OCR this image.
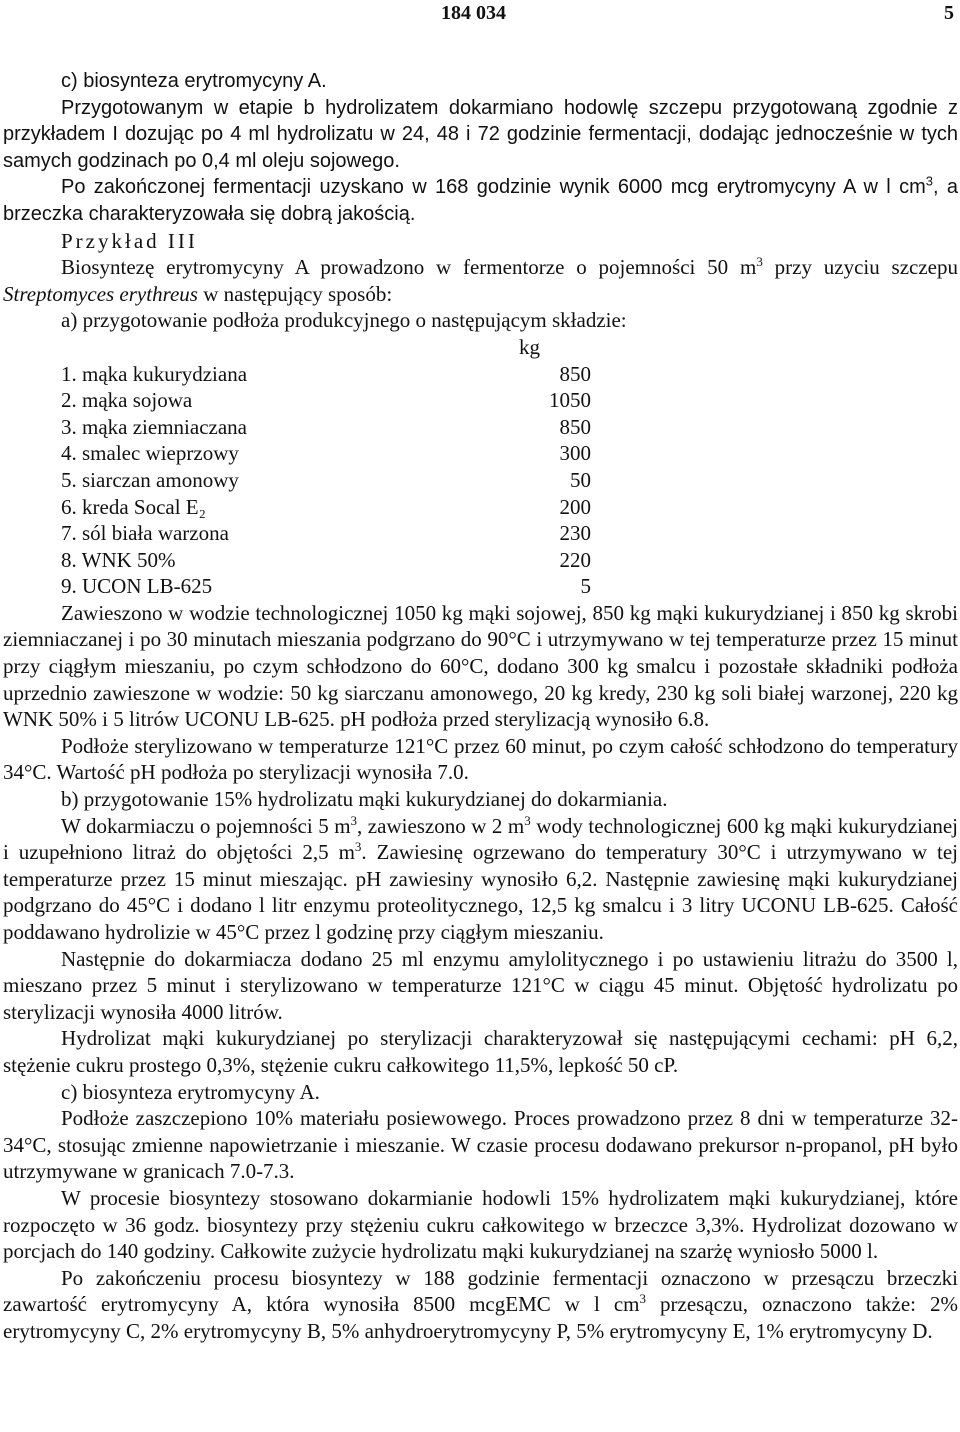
184 034	5

c) biosynteza erytromycyny A.

Przygotowanym w etapie b hydrolizatem dokarmiano hodowlę szczepu przygotowaną zgodnie z przykładem I dozując po 4 ml hydrolizatu w 24, 48 i 72 godzinie fermentacji, dodając jednocześnie w tych samych godzinach po 0,4 ml oleju sojowego.

Po zakończonej fermentacji uzyskano w 168 godzinie wynik 6000 mcg erytromycyny A w l $cm^3$, a brzeczka charakteryzowała się dobrą jakością.

Przykład III

Biosyntezę erytromycyny A prowadzono w fermentorze o pojemności 50 $m^3$ przy uzyciu szczepu Streptomyces erythreus w następujący sposób:

a) przygotowanie podłoża produkcyjnego o następującym składzie:

kg
1. mąka kukurydziana	850
2. mąka sojowa	1050
3. mąka ziemniaczana	850
4. smalec wieprzowy	300
5. siarczan amonowy	50
6. kreda Socal E₂	200
7. sól biała warzona	230
8. WNK 50%	220
9. UCON LB-625	5

Zawieszono w wodzie technologicznej 1050 kg mąki sojowej, 850 kg mąki kukurydzianej i 850 kg skrobi ziemniaczanej i po 30 minutach mieszania podgrzano do 90°C i utrzymywano w tej temperaturze przez 15 minut przy ciągłym mieszaniu, po czym schłodzono do 60°C, dodano 300 kg smalcu i pozostałe składniki podłoża uprzednio zawieszone w wodzie: 50 kg siarczanu amonowego, 20 kg kredy, 230 kg soli białej warzonej, 220 kg WNK 50% i 5 litrów UCONU LB-625. pH podłoża przed sterylizacją wynosiło 6.8.

Podłoże sterylizowano w temperaturze 121°C przez 60 minut, po czym całość schłodzono do temperatury 34°C. Wartość pH podłoża po sterylizacji wynosiła 7.0.

b) przygotowanie 15% hydrolizatu mąki kukurydzianej do dokarmiania.

W dokarmiaczu o pojemności 5 $m^3$, zawieszono w 2 $m^3$ wody technologicznej 600 kg mąki kukurydzianej i uzupełniono litraż do objętości 2,5 $m^3$. Zawiesinę ogrzewano do temperatury 30°C i utrzymywano w tej temperaturze przez 15 minut mieszając. pH zawiesiny wynosiło 6,2. Następnie zawiesinę mąki kukurydzianej podgrzano do 45°C i dodano l litr enzymu proteolitycznego, 12,5 kg smalcu i 3 litry UCONU LB-625. Całość poddawano hydrolizie w 45°C przez l godzinę przy ciągłym mieszaniu.

Następnie do dokarmiacza dodano 25 ml enzymu amylolitycznego i po ustawieniu litrażu do 3500 l, mieszano przez 5 minut i sterylizowano w temperaturze 121°C w ciągu 45 minut. Objętość hydrolizatu po sterylizacji wynosiła 4000 litrów.

Hydrolizat mąki kukurydzianej po sterylizacji charakteryzował się następującymi cechami: pH 6,2, stężenie cukru prostego 0,3%, stężenie cukru całkowitego 11,5%, lepkość 50 cP.

c) biosynteza erytromycyny A.

Podłoże zaszczepiono 10% materiału posiewowego. Proces prowadzono przez 8 dni w temperaturze 32-34°C, stosując zmienne napowietrzanie i mieszanie. W czasie procesu dodawano prekursor n-propanol, pH było utrzymywane w granicach 7.0-7.3.

W procesie biosyntezy stosowano dokarmianie hodowli 15% hydrolizatem mąki kukurydzianej, które rozpoczęto w 36 godz. biosyntezy przy stężeniu cukru całkowitego w brzeczce 3,3%. Hydrolizat dozowano w porcjach do 140 godziny. Całkowite zużycie hydrolizatu mąki kukurydzianej na szarżę wyniosło 5000 l.

Po zakończeniu procesu biosyntezy w 188 godzinie fermentacji oznaczono w przesączu brzeczki zawartość erytromycyny A, która wynosiła 8500 mcgEMC w l $cm^3$ przesączu, oznaczono także: 2% erytromycyny C, 2% erytromycyny B, 5% anhydroerytromycyny P, 5% erytromycyny E, 1% erytromycyny D.
